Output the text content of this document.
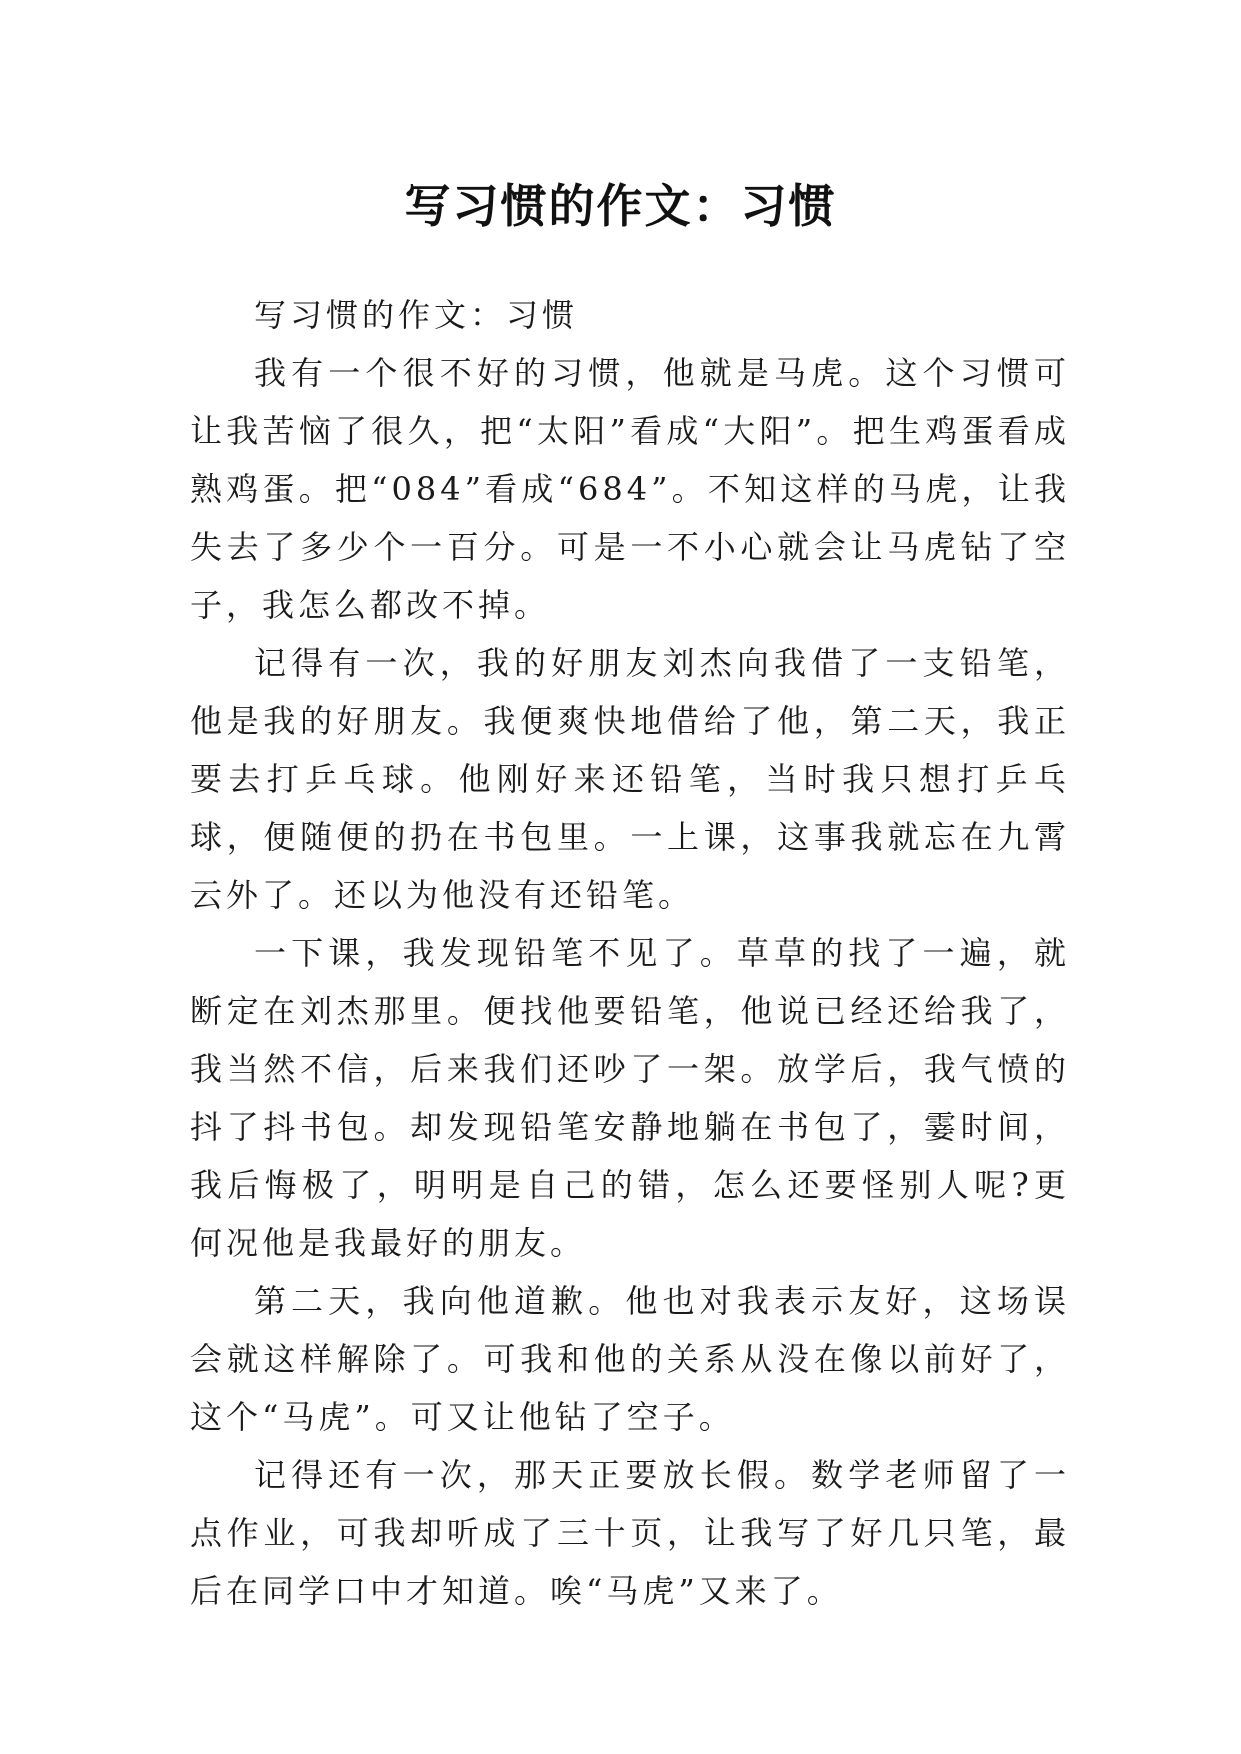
写习惯的作文：习惯

写习惯的作文：习惯

我有一个很不好的习惯，他就是马虎。这个习惯可让我苦恼了很久，把“太阳”看成“大阳”。把生鸡蛋看成熟鸡蛋。把“084”看成“684”。不知这样的马虎，让我失去了多少个一百分。可是一不小心就会让马虎钻了空子，我怎么都改不掉。

记得有一次，我的好朋友刘杰向我借了一支铅笔，他是我的好朋友。我便爽快地借给了他，第二天，我正要去打乒乓球。他刚好来还铅笔，当时我只想打乒乓球，便随便的扔在书包里。一上课，这事我就忘在九霄云外了。还以为他没有还铅笔。

一下课，我发现铅笔不见了。草草的找了一遍，就断定在刘杰那里。便找他要铅笔，他说已经还给我了，我当然不信，后来我们还吵了一架。放学后，我气愤的抖了抖书包。却发现铅笔安静地躺在书包了，霎时间，我后悔极了，明明是自己的错，怎么还要怪别人呢?更何况他是我最好的朋友。

第二天，我向他道歉。他也对我表示友好，这场误会就这样解除了。可我和他的关系从没在像以前好了，这个“马虎”。可又让他钻了空子。

记得还有一次，那天正要放长假。数学老师留了一点作业，可我却听成了三十页，让我写了好几只笔，最后在同学口中才知道。唉“马虎”又来了。
